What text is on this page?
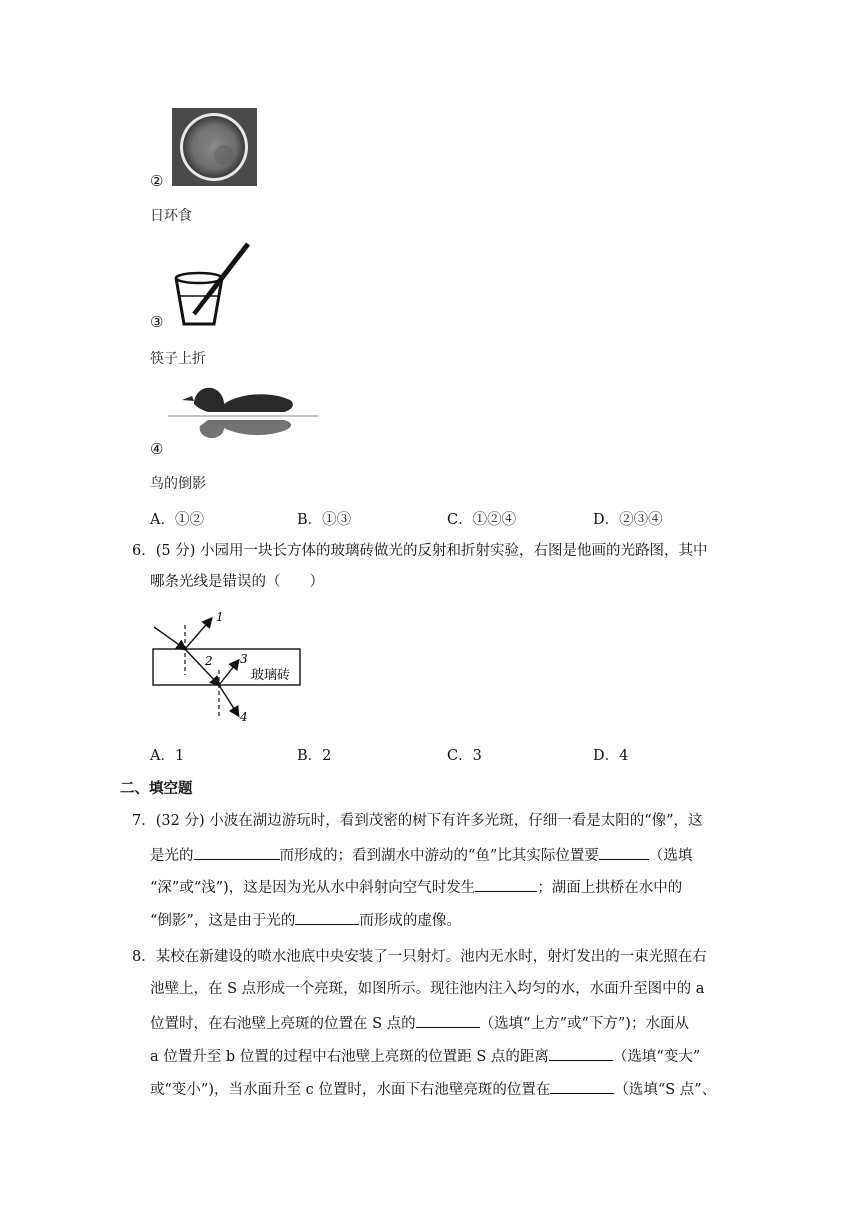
②
日环食
③
筷子上折
④
鸟的倒影
A．①②	B．①③	C．①②④	D．②③④
6．(5 分) 小园用一块长方体的玻璃砖做光的反射和折射实验，右图是他画的光路图，其中
哪条光线是错误的（　　）
1
2 3
4
玻璃砖
A．1	B．2	C．3	D．4
二、填空题
7．(32 分) 小波在湖边游玩时，看到茂密的树下有许多光斑，仔细一看是太阳的“像”，这
是光的	而形成的；看到湖水中游动的“鱼”比其实际位置要	（选填
“深”或“浅”)，这是因为光从水中斜射向空气时发生	；湖面上拱桥在水中的
“倒影”，这是由于光的	而形成的虚像。
8．某校在新建设的喷水池底中央安装了一只射灯。池内无水时，射灯发出的一束光照在右
池壁上，在 S 点形成一个亮斑，如图所示。现往池内注入均匀的水，水面升至图中的 a
位置时，在右池壁上亮斑的位置在 S 点的	（选填“上方”或“下方”)；水面从
a 位置升至 b 位置的过程中右池壁上亮斑的位置距 S 点的距离	（选填“变大”
或“变小”)，当水面升至 c 位置时，水面下右池壁亮斑的位置在	（选填“S 点”、
